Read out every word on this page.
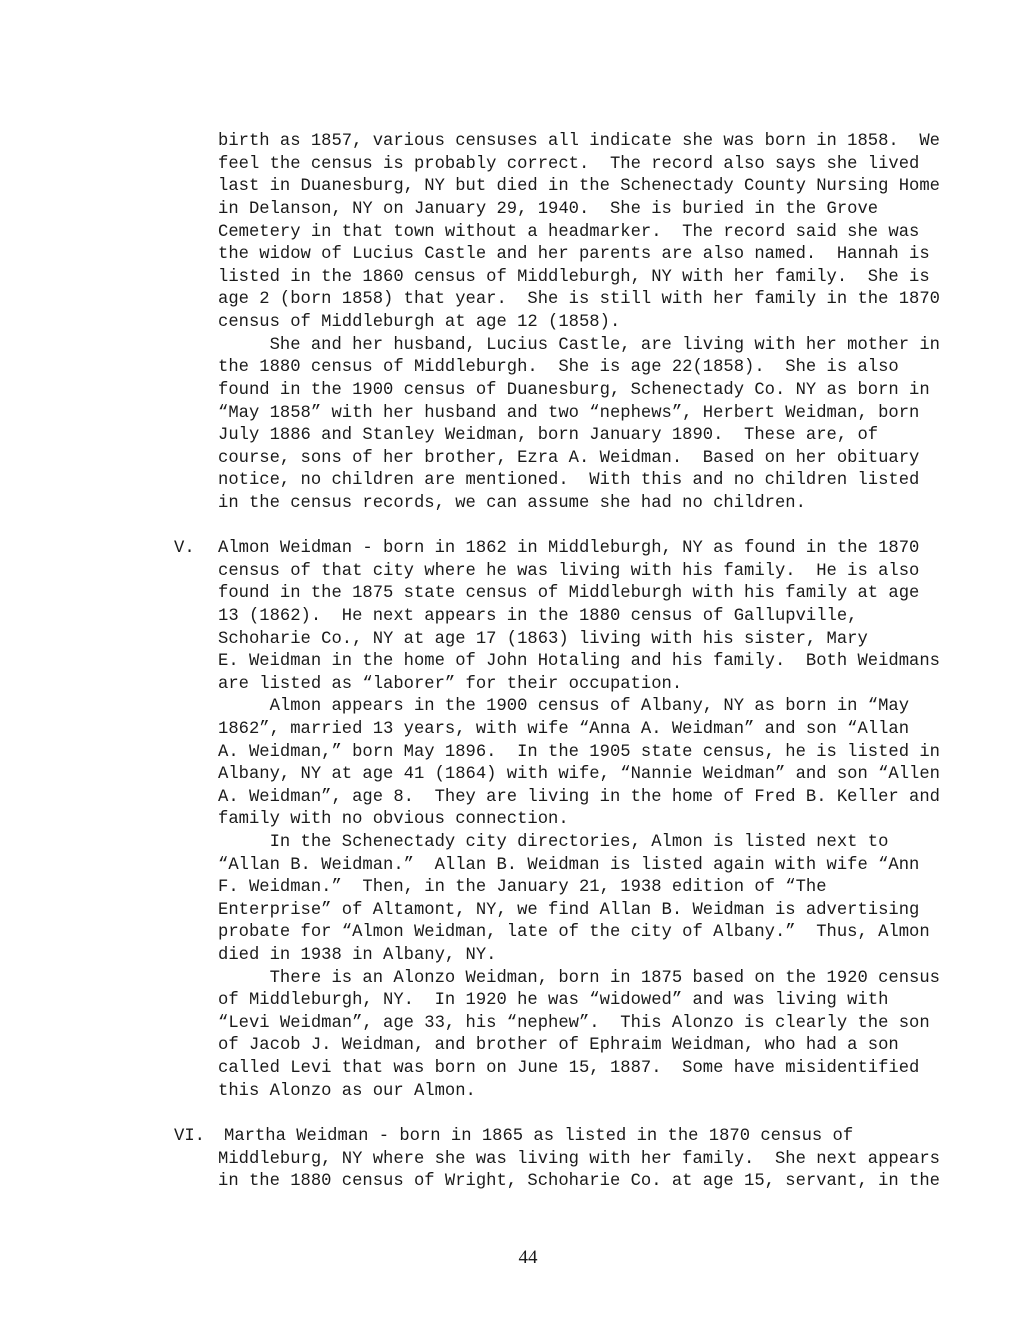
birth as 1857, various censuses all indicate she was born in 1858.  We
feel the census is probably correct.  The record also says she lived
last in Duanesburg, NY but died in the Schenectady County Nursing Home
in Delanson, NY on January 29, 1940.  She is buried in the Grove
Cemetery in that town without a headmarker.  The record said she was
the widow of Lucius Castle and her parents are also named.  Hannah is
listed in the 1860 census of Middleburgh, NY with her family.  She is
age 2 (born 1858) that year.  She is still with her family in the 1870
census of Middleburgh at age 12 (1858).
She and her husband, Lucius Castle, are living with her mother in
the 1880 census of Middleburgh.  She is age 22(1858).  She is also
found in the 1900 census of Duanesburg, Schenectady Co. NY as born in
“May 1858” with her husband and two “nephews”, Herbert Weidman, born
July 1886 and Stanley Weidman, born January 1890.  These are, of
course, sons of her brother, Ezra A. Weidman.  Based on her obituary
notice, no children are mentioned.  With this and no children listed
in the census records, we can assume she had no children.
V. Almon Weidman - born in 1862 in Middleburgh, NY as found in the 1870
census of that city where he was living with his family.  He is also
found in the 1875 state census of Middleburgh with his family at age
13 (1862).  He next appears in the 1880 census of Gallupville,
Schoharie Co., NY at age 17 (1863) living with his sister, Mary
E. Weidman in the home of John Hotaling and his family.  Both Weidmans
are listed as “laborer” for their occupation.
Almon appears in the 1900 census of Albany, NY as born in “May
1862”, married 13 years, with wife “Anna A. Weidman” and son “Allan
A. Weidman,” born May 1896.  In the 1905 state census, he is listed in
Albany, NY at age 41 (1864) with wife, “Nannie Weidman” and son “Allen
A. Weidman”, age 8.  They are living in the home of Fred B. Keller and
family with no obvious connection.
In the Schenectady city directories, Almon is listed next to
“Allan B. Weidman.”  Allan B. Weidman is listed again with wife “Ann
F. Weidman.”  Then, in the January 21, 1938 edition of “The
Enterprise” of Altamont, NY, we find Allan B. Weidman is advertising
probate for “Almon Weidman, late of the city of Albany.”  Thus, Almon
died in 1938 in Albany, NY.
There is an Alonzo Weidman, born in 1875 based on the 1920 census
of Middleburgh, NY.  In 1920 he was “widowed” and was living with
“Levi Weidman”, age 33, his “nephew”.  This Alonzo is clearly the son
of Jacob J. Weidman, and brother of Ephraim Weidman, who had a son
called Levi that was born on June 15, 1887.  Some have misidentified
this Alonzo as our Almon.
VI. Martha Weidman - born in 1865 as listed in the 1870 census of
Middleburg, NY where she was living with her family.  She next appears
in the 1880 census of Wright, Schoharie Co. at age 15, servant, in the
44
